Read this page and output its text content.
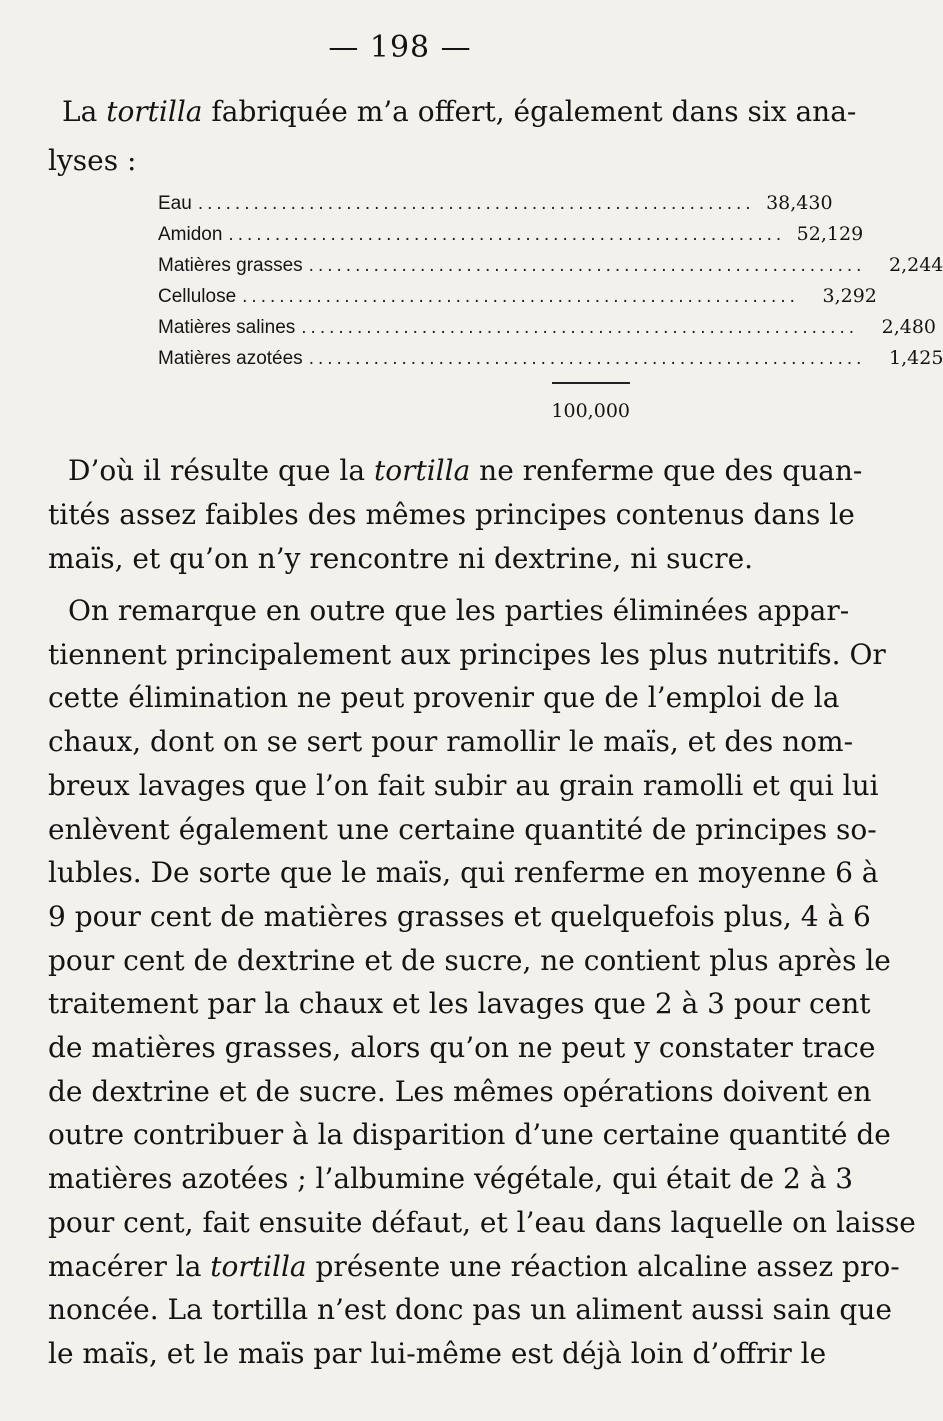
— 198 —
La tortilla fabriquée m’a offert, également dans six ana-
lyses :
Eau ............................................................ 38,430
Amidon ............................................................ 52,129
Matières grasses ............................................................	2,244
Cellulose ............................................................	3,292
Matières salines ............................................................	2,480
Matières azotées ............................................................	1,425
100,000
D’où il résulte que la tortilla ne renferme que des quan-
tités assez faibles des mêmes principes contenus dans le
maïs, et qu’on n’y rencontre ni dextrine, ni sucre.
On remarque en outre que les parties éliminées appar-
tiennent principalement aux principes les plus nutritifs. Or
cette élimination ne peut provenir que de l’emploi de la
chaux, dont on se sert pour ramollir le maïs, et des nom-
breux lavages que l’on fait subir au grain ramolli et qui lui
enlèvent également une certaine quantité de principes so-
lubles. De sorte que le maïs, qui renferme en moyenne 6 à
9 pour cent de matières grasses et quelquefois plus, 4 à 6
pour cent de dextrine et de sucre, ne contient plus après le
traitement par la chaux et les lavages que 2 à 3 pour cent
de matières grasses, alors qu’on ne peut y constater trace
de dextrine et de sucre. Les mêmes opérations doivent en
outre contribuer à la disparition d’une certaine quantité de
matières azotées ; l’albumine végétale, qui était de 2 à 3
pour cent, fait ensuite défaut, et l’eau dans laquelle on laisse
macérer la tortilla présente une réaction alcaline assez pro-
noncée. La tortilla n’est donc pas un aliment aussi sain que
le maïs, et le maïs par lui-même est déjà loin d’offrir le
